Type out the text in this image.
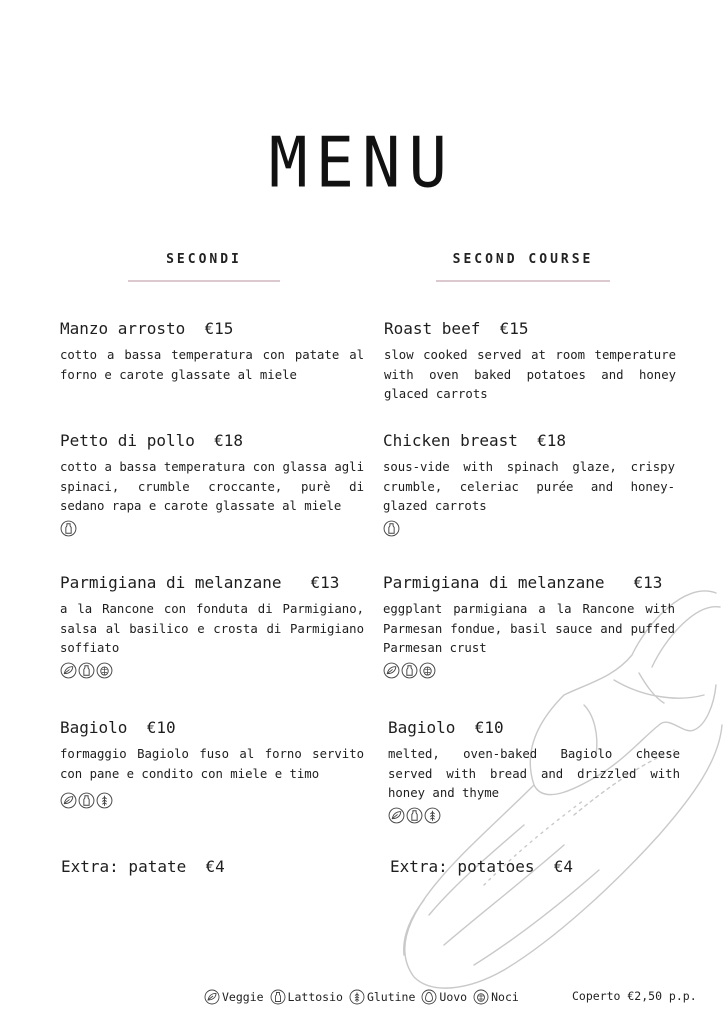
MENU
SECONDI

Manzo arrosto  €15

cotto a bassa temperatura con patate al forno e carote glassate al miele

Petto di pollo  €18

cotto a bassa temperatura con glassa agli spinaci, crumble croccante, purè di sedano rapa e carote glassate al miele

Parmigiana di melanzane   €13

a la Rancone con fonduta di Parmigiano, salsa al basilico e crosta di Parmigiano soffiato

Bagiolo  €10

formaggio Bagiolo fuso al forno servito con pane e condito con miele e timo

Extra: patate  €4
SECOND COURSE

Roast beef  €15

slow cooked served at room temperature with oven baked potatoes and honey glaced carrots

Chicken breast  €18

sous-vide with spinach glaze, crispy crumble, celeriac purée and honey-glazed carrots

Parmigiana di melanzane   €13

eggplant parmigiana a la Rancone with Parmesan fondue, basil sauce and puffed Parmesan crust

Bagiolo  €10

melted, oven-baked Bagiolo cheese served with bread and drizzled with honey and thyme

Extra: potatoes  €4
Veggie Lattosio Glutine Uovo Noci	Coperto €2,50 p.p.
